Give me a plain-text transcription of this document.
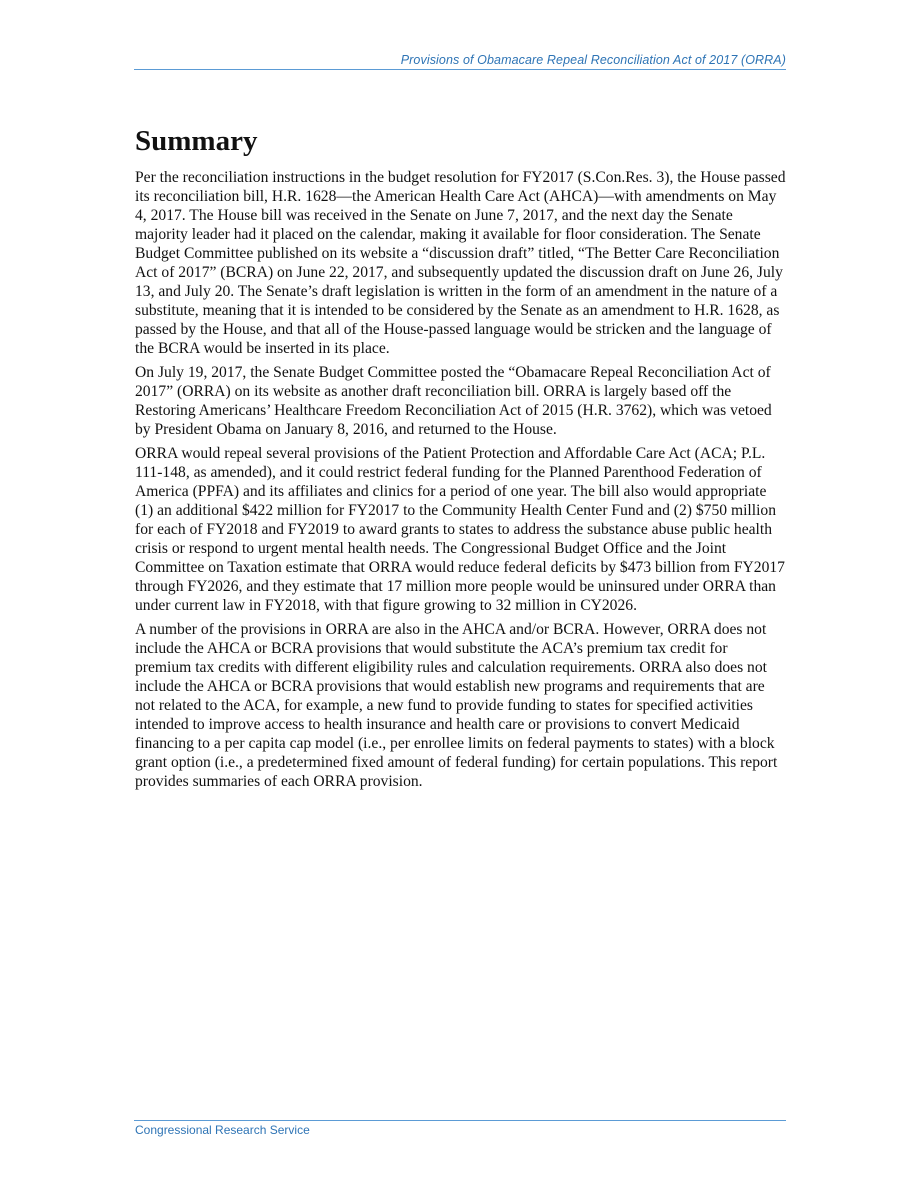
Provisions of Obamacare Repeal Reconciliation Act of 2017 (ORRA)
Summary

Per the reconciliation instructions in the budget resolution for FY2017 (S.Con.Res. 3), the House passed its reconciliation bill, H.R. 1628—the American Health Care Act (AHCA)—with amendments on May 4, 2017. The House bill was received in the Senate on June 7, 2017, and the next day the Senate majority leader had it placed on the calendar, making it available for floor consideration. The Senate Budget Committee published on its website a “discussion draft” titled, “The Better Care Reconciliation Act of 2017” (BCRA) on June 22, 2017, and subsequently updated the discussion draft on June 26, July 13, and July 20. The Senate’s draft legislation is written in the form of an amendment in the nature of a substitute, meaning that it is intended to be considered by the Senate as an amendment to H.R. 1628, as passed by the House, and that all of the House-passed language would be stricken and the language of the BCRA would be inserted in its place.

On July 19, 2017, the Senate Budget Committee posted the “Obamacare Repeal Reconciliation Act of 2017” (ORRA) on its website as another draft reconciliation bill. ORRA is largely based off the Restoring Americans’ Healthcare Freedom Reconciliation Act of 2015 (H.R. 3762), which was vetoed by President Obama on January 8, 2016, and returned to the House.

ORRA would repeal several provisions of the Patient Protection and Affordable Care Act (ACA; P.L. 111-148, as amended), and it could restrict federal funding for the Planned Parenthood Federation of America (PPFA) and its affiliates and clinics for a period of one year. The bill also would appropriate (1) an additional $422 million for FY2017 to the Community Health Center Fund and (2) $750 million for each of FY2018 and FY2019 to award grants to states to address the substance abuse public health crisis or respond to urgent mental health needs. The Congressional Budget Office and the Joint Committee on Taxation estimate that ORRA would reduce federal deficits by $473 billion from FY2017 through FY2026, and they estimate that 17 million more people would be uninsured under ORRA than under current law in FY2018, with that figure growing to 32 million in CY2026.

A number of the provisions in ORRA are also in the AHCA and/or BCRA. However, ORRA does not include the AHCA or BCRA provisions that would substitute the ACA’s premium tax credit for premium tax credits with different eligibility rules and calculation requirements. ORRA also does not include the AHCA or BCRA provisions that would establish new programs and requirements that are not related to the ACA, for example, a new fund to provide funding to states for specified activities intended to improve access to health insurance and health care or provisions to convert Medicaid financing to a per capita cap model (i.e., per enrollee limits on federal payments to states) with a block grant option (i.e., a predetermined fixed amount of federal funding) for certain populations. This report provides summaries of each ORRA provision.

Congressional Research Service
